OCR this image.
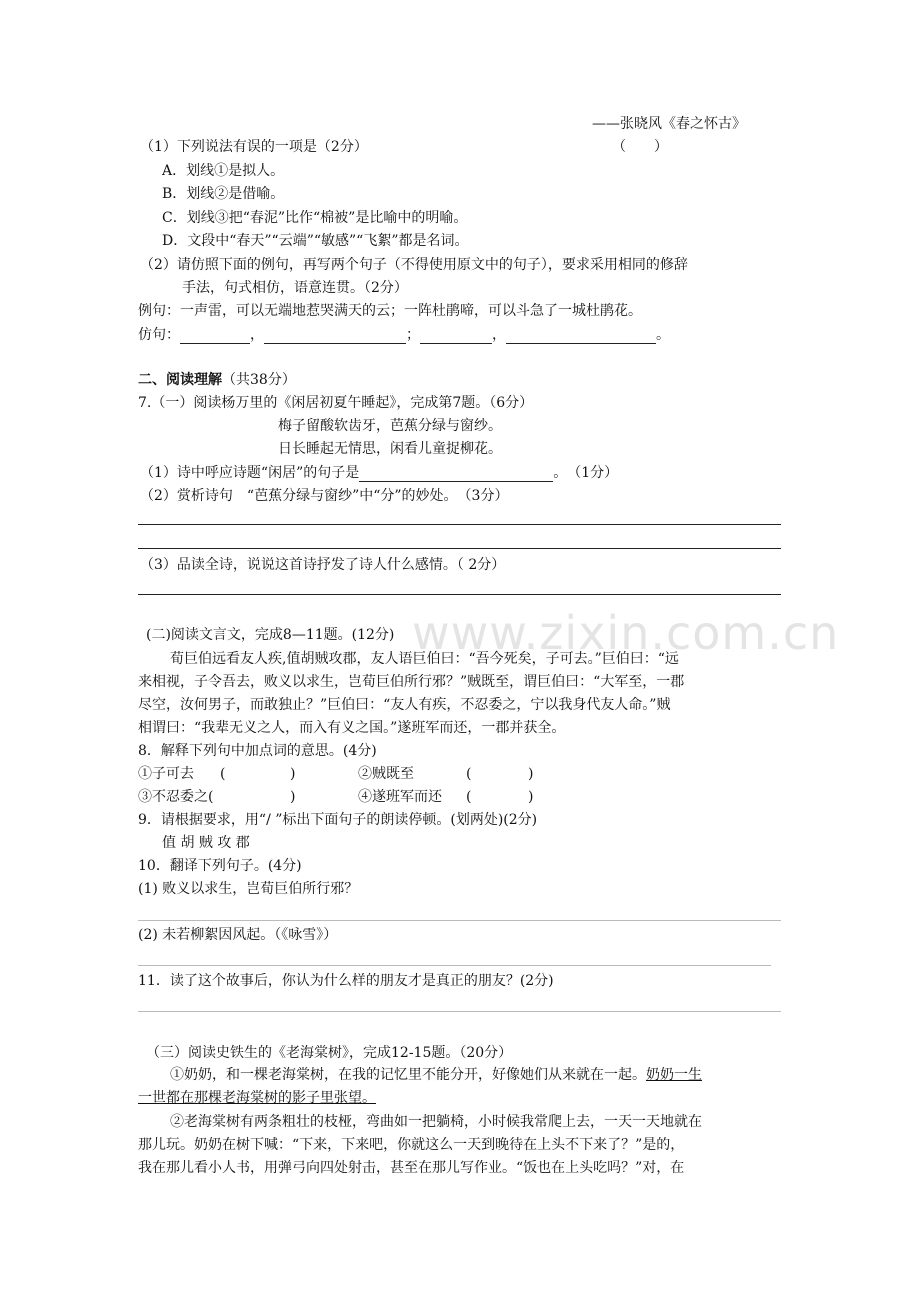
www.zixin.com.cn
——张晓风《春之怀古》
（1）下列说法有误的一项是（2分）	（　　）
A．划线①是拟人。
B．划线②是借喻。
C．划线③把“春泥”比作“棉被”是比喻中的明喻。
D．文段中“春天”“云端”“敏感”“飞絮”都是名词。
（2）请仿照下面的例句，再写两个句子（不得使用原文中的句子），要求采用相同的修辞
手法，句式相仿，语意连贯。（2分）
例句：一声雷，可以无端地惹哭满天的云；一阵杜鹃啼，可以斗急了一城杜鹃花。
仿句：	，	；	，	。
二、阅读理解（共38分）
7.（一）阅读杨万里的《闲居初夏午睡起》，完成第7题。（6分）
梅子留酸软齿牙，芭蕉分绿与窗纱。
日长睡起无情思，闲看儿童捉柳花。
（1）诗中呼应诗题“闲居”的句子是	。　（1分）
（2）赏析诗句　“芭蕉分绿与窗纱”中“分”的妙处。　（3分）
（3）品读全诗，说说这首诗抒发了诗人什么感情。（ 2分）
(二)阅读文言文，完成8—11题。(12分)
荀巨伯远看友人疾,值胡贼攻郡，友人语巨伯曰：“吾今死矣，子可去。”巨伯曰：“远
来相视，子令吾去，败义以求生，岂荀巨伯所行邪？”贼既至，谓巨伯曰：“大军至，一郡
尽空，汝何男子，而敢独止？”巨伯曰：“友人有疾，不忍委之，宁以我身代友人命。”贼
相谓曰：“我辈无义之人，而入有义之国。”遂班军而还，一郡并获全。
8．解释下列句中加点词的意思。(4分)
①子可去 (	)	②贼既至	(	)
③不忍委之(	)	④遂班军而还 (	)
9．请根据要求，用“/ ”标出下面句子的朗读停顿。(划两处)(2分)
值 胡 贼 攻 郡
10．翻译下列句子。(4分)
(1) 败义以求生，岂荀巨伯所行邪？
(2) 未若柳絮因风起。（《咏雪》）
11．读了这个故事后，你认为什么样的朋友才是真正的朋友？(2分)
（三）阅读史铁生的《老海棠树》，完成12-15题。（20分）
①奶奶，和一棵老海棠树，在我的记忆里不能分开，好像她们从来就在一起。奶奶一生
一世都在那棵老海棠树的影子里张望。
②老海棠树有两条粗壮的枝桠，弯曲如一把躺椅，小时候我常爬上去，一天一天地就在
那儿玩。奶奶在树下喊：“下来，下来吧，你就这么一天到晚待在上头不下来了？”是的，
我在那儿看小人书，用弹弓向四处射击，甚至在那儿写作业。“饭也在上头吃吗？”对，在
